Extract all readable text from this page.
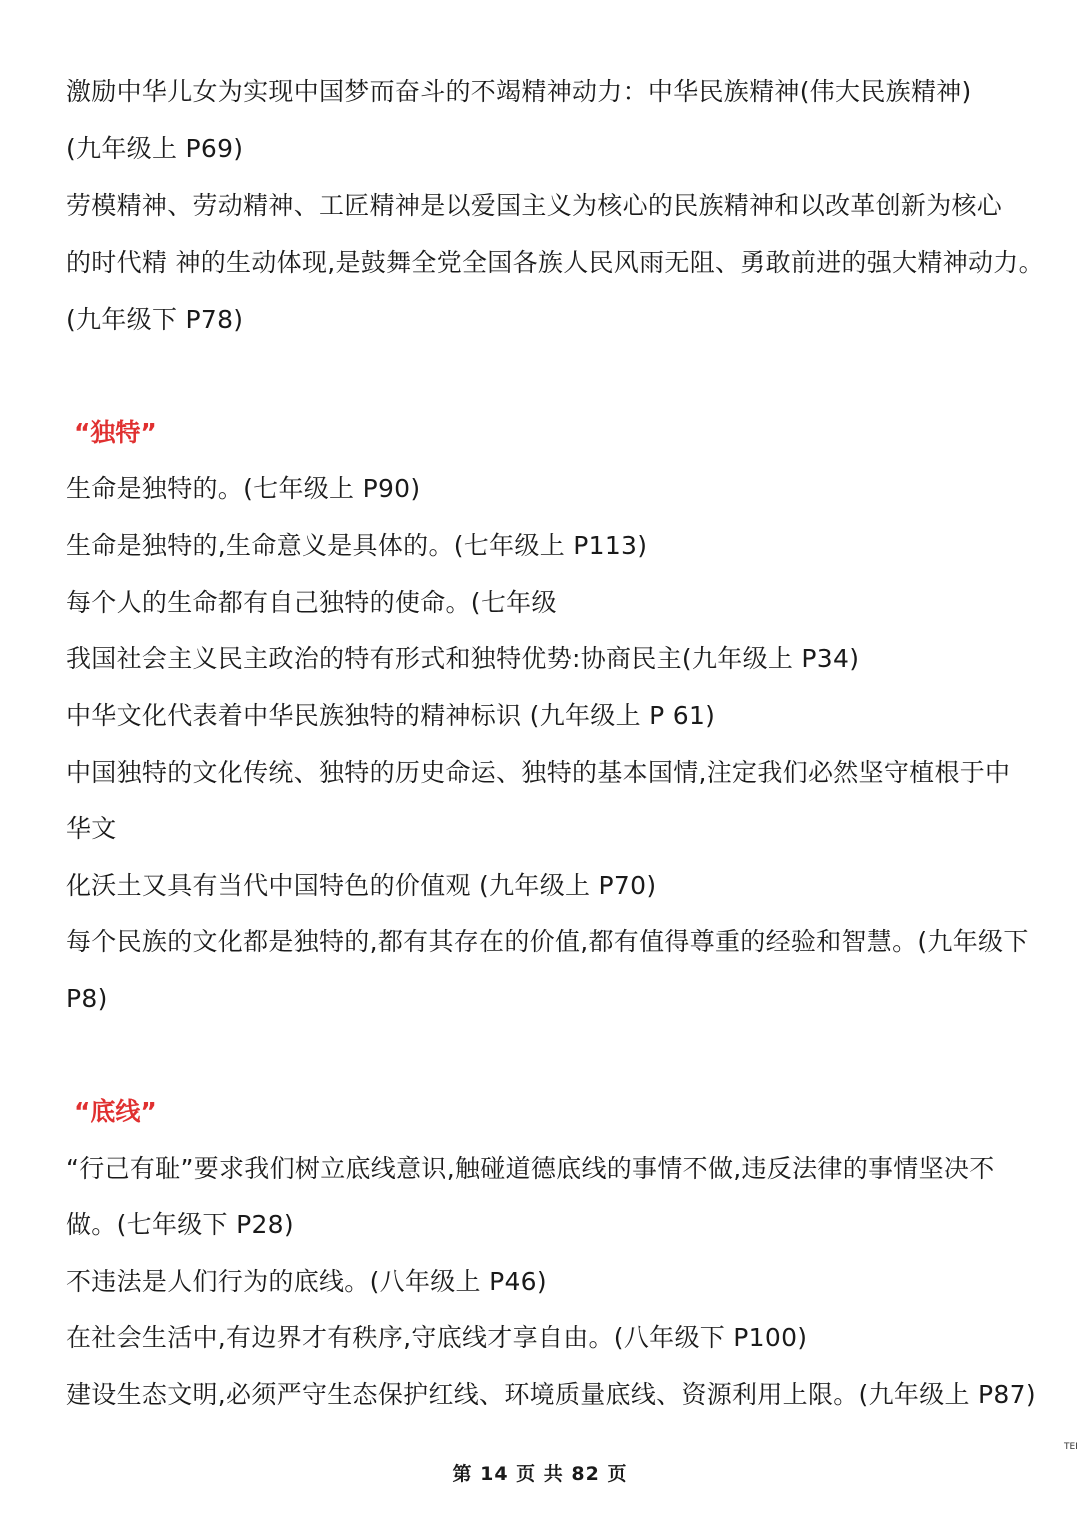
激励中华儿女为实现中国梦而奋斗的不竭精神动力：中华民族精神(伟大民族精神)
(九年级上 P69)
劳模精神、劳动精神、工匠精神是以爱国主义为核心的民族精神和以改革创新为核心
的时代精 神的生动体现,是鼓舞全党全国各族人民风雨无阻、勇敢前进的强大精神动力。
(九年级下 P78)
“独特”
生命是独特的。(七年级上 P90)
生命是独特的,生命意义是具体的。(七年级上 P113)
每个人的生命都有自己独特的使命。(七年级
我国社会主义民主政治的特有形式和独特优势:协商民主(九年级上 P34)
中华文化代表着中华民族独特的精神标识 (九年级上 P 61)
中国独特的文化传统、独特的历史命运、独特的基本国情,注定我们必然坚守植根于中
华文
化沃土又具有当代中国特色的价值观 (九年级上 P70)
每个民族的文化都是独特的,都有其存在的价值,都有值得尊重的经验和智慧。(九年级下
P8)
“底线”
“行己有耻”要求我们树立底线意识,触碰道德底线的事情不做,违反法律的事情坚决不
做。(七年级下 P28)
不违法是人们行为的底线。(八年级上 P46)
在社会生活中,有边界才有秩序,守底线才享自由。(八年级下 P100)
建设生态文明,必须严守生态保护红线、环境质量底线、资源利用上限。(九年级上 P87)
第 14 页 共 82 页
TEI
